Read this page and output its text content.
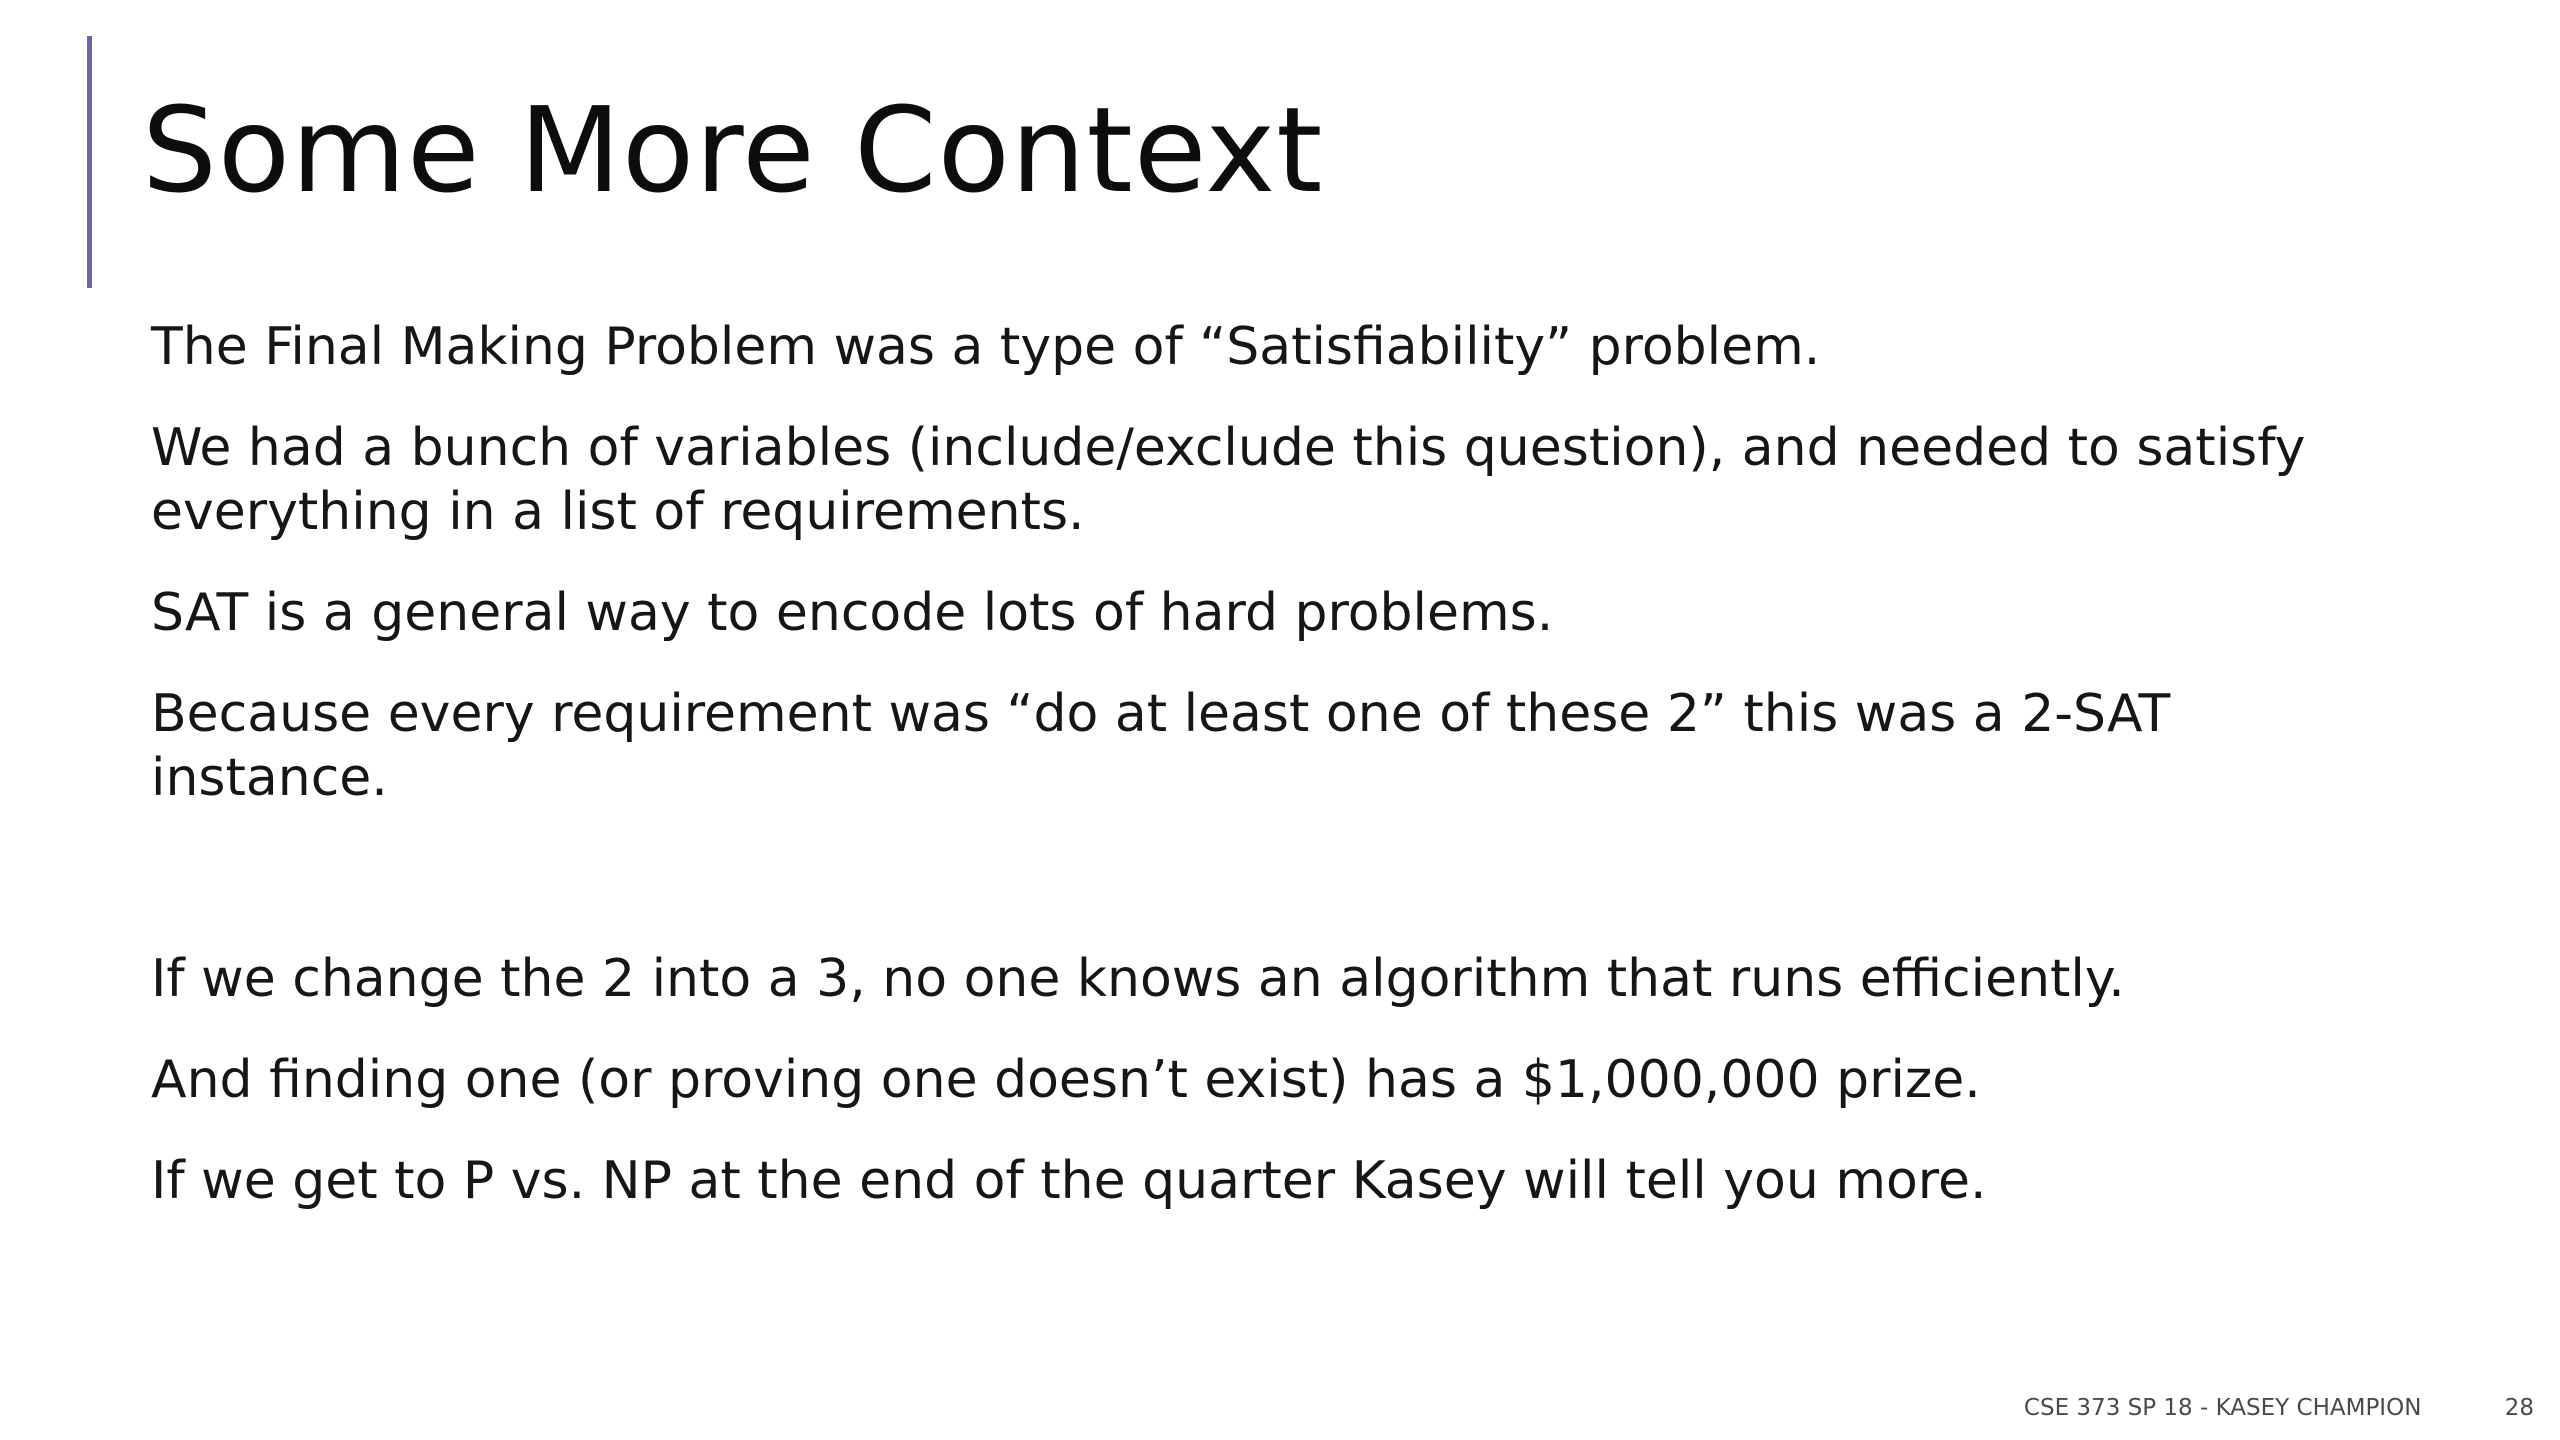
Some More Context

The Final Making Problem was a type of “Satisfiability” problem.

We had a bunch of variables (include/exclude this question), and needed to satisfy everything in a list of requirements.

SAT is a general way to encode lots of hard problems.

Because every requirement was “do at least one of these 2” this was a 2-SAT instance.

If we change the 2 into a 3, no one knows an algorithm that runs efficiently.

And finding one (or proving one doesn’t exist) has a $1,000,000 prize.

If we get to P vs. NP at the end of the quarter Kasey will tell you more.

CSE 373 SP 18 - KASEY CHAMPION	28
